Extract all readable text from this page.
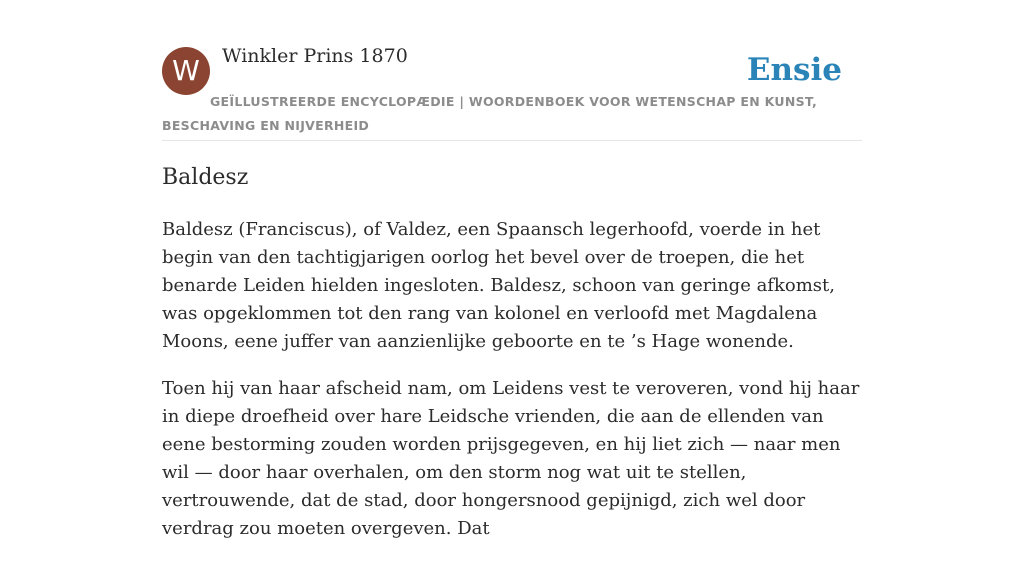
W	Winkler Prins 1870	Ensie
GEÏLLUSTREERDE ENCYCLOPÆDIE | WOORDENBOEK VOOR WETENSCHAP EN KUNST, BESCHAVING EN NIJVERHEID
Baldesz

Baldesz (Franciscus), of Valdez, een Spaansch legerhoofd, voerde in het begin van den tachtigjarigen oorlog het bevel over de troepen, die het benarde Leiden hielden ingesloten. Baldesz, schoon van geringe afkomst, was opgeklommen tot den rang van kolonel en verloofd met Magdalena Moons, eene juffer van aanzienlijke geboorte en te ’s Hage wonende.

Toen hij van haar afscheid nam, om Leidens vest te veroveren, vond hij haar in diepe droefheid over hare Leidsche vrienden, die aan de ellenden van eene bestorming zouden worden prijsgegeven, en hij liet zich — naar men wil — door haar overhalen, om den storm nog wat uit te stellen, vertrouwende, dat de stad, door hongersnood gepijnigd, zich wel door verdrag zou moeten overgeven. Dat
